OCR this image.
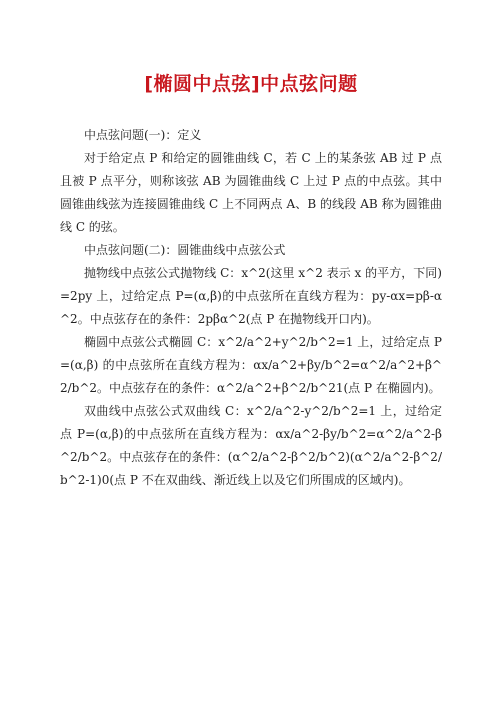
[椭圆中点弦]中点弦问题

中点弦问题(一)：定义

对于给定点 P 和给定的圆锥曲线 C，若 C 上的某条弦 AB 过 P 点且被 P 点平分，则称该弦 AB 为圆锥曲线 C 上过 P 点的中点弦。其中圆锥曲线弦为连接圆锥曲线 C 上不同两点 A、B 的线段 AB 称为圆锥曲线 C 的弦。

中点弦问题(二)：圆锥曲线中点弦公式

抛物线中点弦公式抛物线 C：x^2(这里 x^2 表示 x 的平方，下同)=2py 上，过给定点 P=(α,β)的中点弦所在直线方程为：py-αx=pβ-α^2。中点弦存在的条件：2pβα^2(点 P 在抛物线开口内)。

椭圆中点弦公式椭圆 C：x^2/a^2+y^2/b^2=1 上，过给定点 P=(α,β) 的中点弦所在直线方程为：αx/a^2+βy/b^2=α^2/a^2+β^2/b^2。中点弦存在的条件：α^2/a^2+β^2/b^21(点 P 在椭圆内)。

双曲线中点弦公式双曲线 C：x^2/a^2-y^2/b^2=1 上，过给定点 P=(α,β)的中点弦所在直线方程为：αx/a^2-βy/b^2=α^2/a^2-β^2/b^2。中点弦存在的条件：(α^2/a^2-β^2/b^2)(α^2/a^2-β^2/b^2-1)0(点 P 不在双曲线、渐近线上以及它们所围成的区域内)。
